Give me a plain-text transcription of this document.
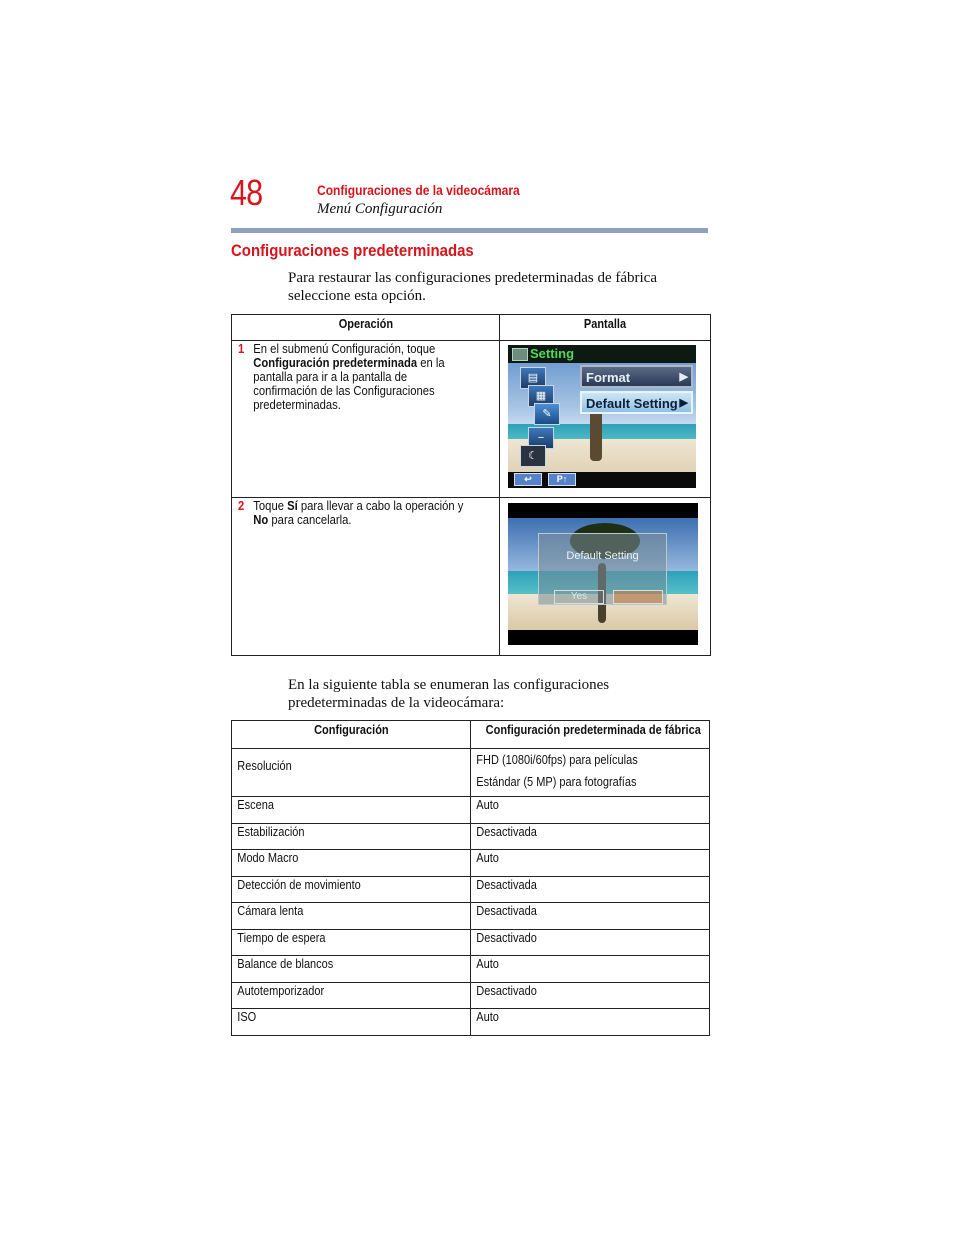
48	Configuraciones de la videocámara
Menú Configuración
Configuraciones predeterminadas
Para restaurar las configuraciones predeterminadas de fábrica seleccione esta opción.
Operación	Pantalla

1 En el submenú Configuración, toque Configuración predeterminada en la pantalla para ir a la pantalla de confirmación de las Configuraciones predeterminadas.	

2 Toque Sí para llevar a cabo la operación y No para cancelarla.	

Setting
▤
▦
✎
−
☾
Format	▶
Default Setting ▶
↩	P↑
Default Setting
Yes
En la siguiente tabla se enumeran las configuraciones predeterminadas de la videocámara:
Configuración	Configuración predeterminada de fábrica

Resolución	FHD (1080i/60fps) para películas
Estándar (5 MP) para fotografías

Escena	Auto

Estabilización	Desactivada

Modo Macro	Auto

Detección de movimiento	Desactivada

Cámara lenta	Desactivada

Tiempo de espera	Desactivado

Balance de blancos	Auto

Autotemporizador	Desactivado

ISO	Auto
